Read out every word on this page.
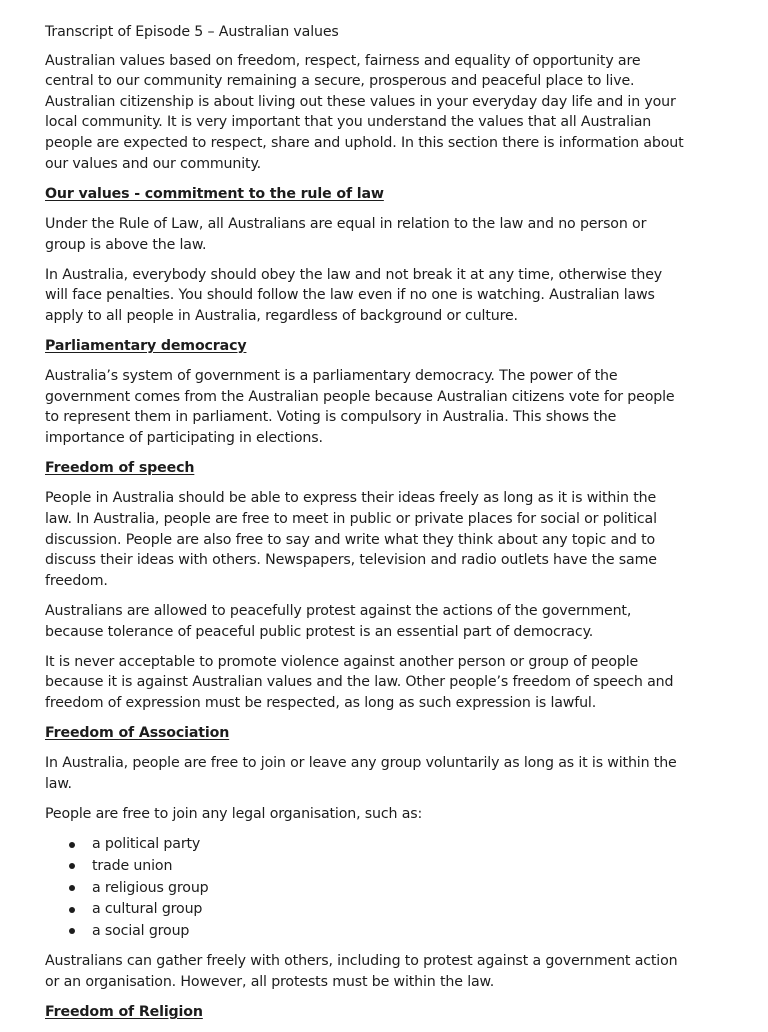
Transcript of Episode 5 – Australian values

Australian values based on freedom, respect, fairness and equality of opportunity are central to our community remaining a secure, prosperous and peaceful place to live. Australian citizenship is about living out these values in your everyday day life and in your local community. It is very important that you understand the values that all Australian people are expected to respect, share and uphold. In this section there is information about our values and our community.

Our values - commitment to the rule of law

Under the Rule of Law, all Australians are equal in relation to the law and no person or group is above the law.

In Australia, everybody should obey the law and not break it at any time, otherwise they will face penalties. You should follow the law even if no one is watching. Australian laws apply to all people in Australia, regardless of background or culture.

Parliamentary democracy

Australia’s system of government is a parliamentary democracy. The power of the government comes from the Australian people because Australian citizens vote for people to represent them in parliament. Voting is compulsory in Australia. This shows the importance of participating in elections.

Freedom of speech

People in Australia should be able to express their ideas freely as long as it is within the law. In Australia, people are free to meet in public or private places for social or political discussion. People are also free to say and write what they think about any topic and to discuss their ideas with others. Newspapers, television and radio outlets have the same freedom.

Australians are allowed to peacefully protest against the actions of the government, because tolerance of peaceful public protest is an essential part of democracy.

It is never acceptable to promote violence against another person or group of people because it is against Australian values and the law. Other people’s freedom of speech and freedom of expression must be respected, as long as such expression is lawful.

Freedom of Association

In Australia, people are free to join or leave any group voluntarily as long as it is within the law.

People are free to join any legal organisation, such as:

a political party
trade union
a religious group
a cultural group
a social group

Australians can gather freely with others, including to protest against a government action or an organisation. However, all protests must be within the law.

Freedom of Religion
